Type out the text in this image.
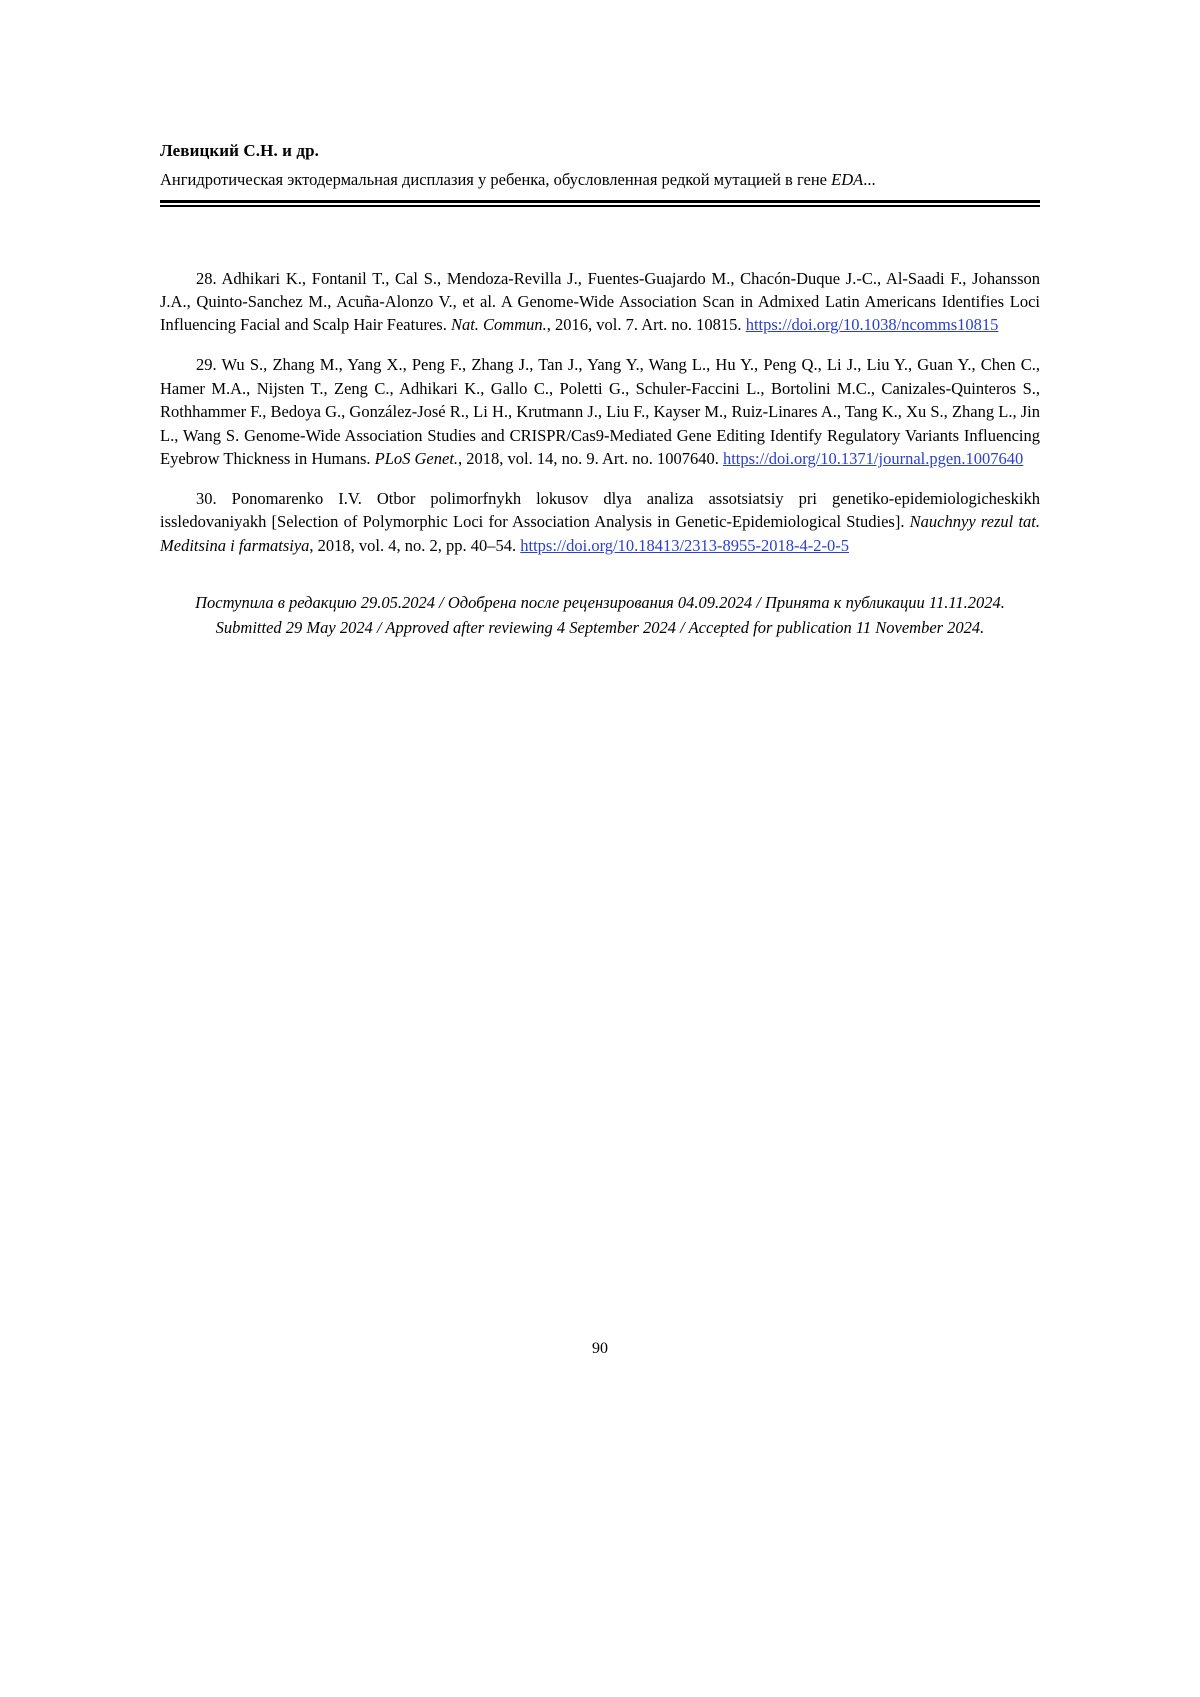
Левицкий С.Н. и др.
Ангидротическая эктодермальная дисплазия у ребенка, обусловленная редкой мутацией в гене EDA...

28. Adhikari K., Fontanil T., Cal S., Mendoza-Revilla J., Fuentes-Guajardo M., Chacón-Duque J.-C., Al-Saadi F., Johansson J.A., Quinto-Sanchez M., Acuña-Alonzo V., et al. A Genome-Wide Association Scan in Admixed Latin Americans Identifies Loci Influencing Facial and Scalp Hair Features. Nat. Commun., 2016, vol. 7. Art. no. 10815. https://doi.org/10.1038/ncomms10815

29. Wu S., Zhang M., Yang X., Peng F., Zhang J., Tan J., Yang Y., Wang L., Hu Y., Peng Q., Li J., Liu Y., Guan Y., Chen C., Hamer M.A., Nijsten T., Zeng C., Adhikari K., Gallo C., Poletti G., Schuler-Faccini L., Bortolini M.C., Canizales-Quinteros S., Rothhammer F., Bedoya G., González-José R., Li H., Krutmann J., Liu F., Kayser M., Ruiz-Linares A., Tang K., Xu S., Zhang L., Jin L., Wang S. Genome-Wide Association Studies and CRISPR/Cas9-Mediated Gene Editing Identify Regulatory Variants Influencing Eyebrow Thickness in Humans. PLoS Genet., 2018, vol. 14, no. 9. Art. no. 1007640. https://doi.org/10.1371/journal.pgen.1007640

30. Ponomarenko I.V. Otbor polimorfnykh lokusov dlya analiza assotsiatsiy pri genetiko-epidemiologicheskikh issledovaniyakh [Selection of Polymorphic Loci for Association Analysis in Genetic-Epidemiological Studies]. Nauchnyy rezul tat. Meditsina i farmatsiya, 2018, vol. 4, no. 2, pp. 40–54. https://doi.org/10.18413/2313-8955-2018-4-2-0-5

Поступила в редакцию 29.05.2024 / Одобрена после рецензирования 04.09.2024 / Принята к публикации 11.11.2024.
Submitted 29 May 2024 / Approved after reviewing 4 September 2024 / Accepted for publication 11 November 2024.
90
